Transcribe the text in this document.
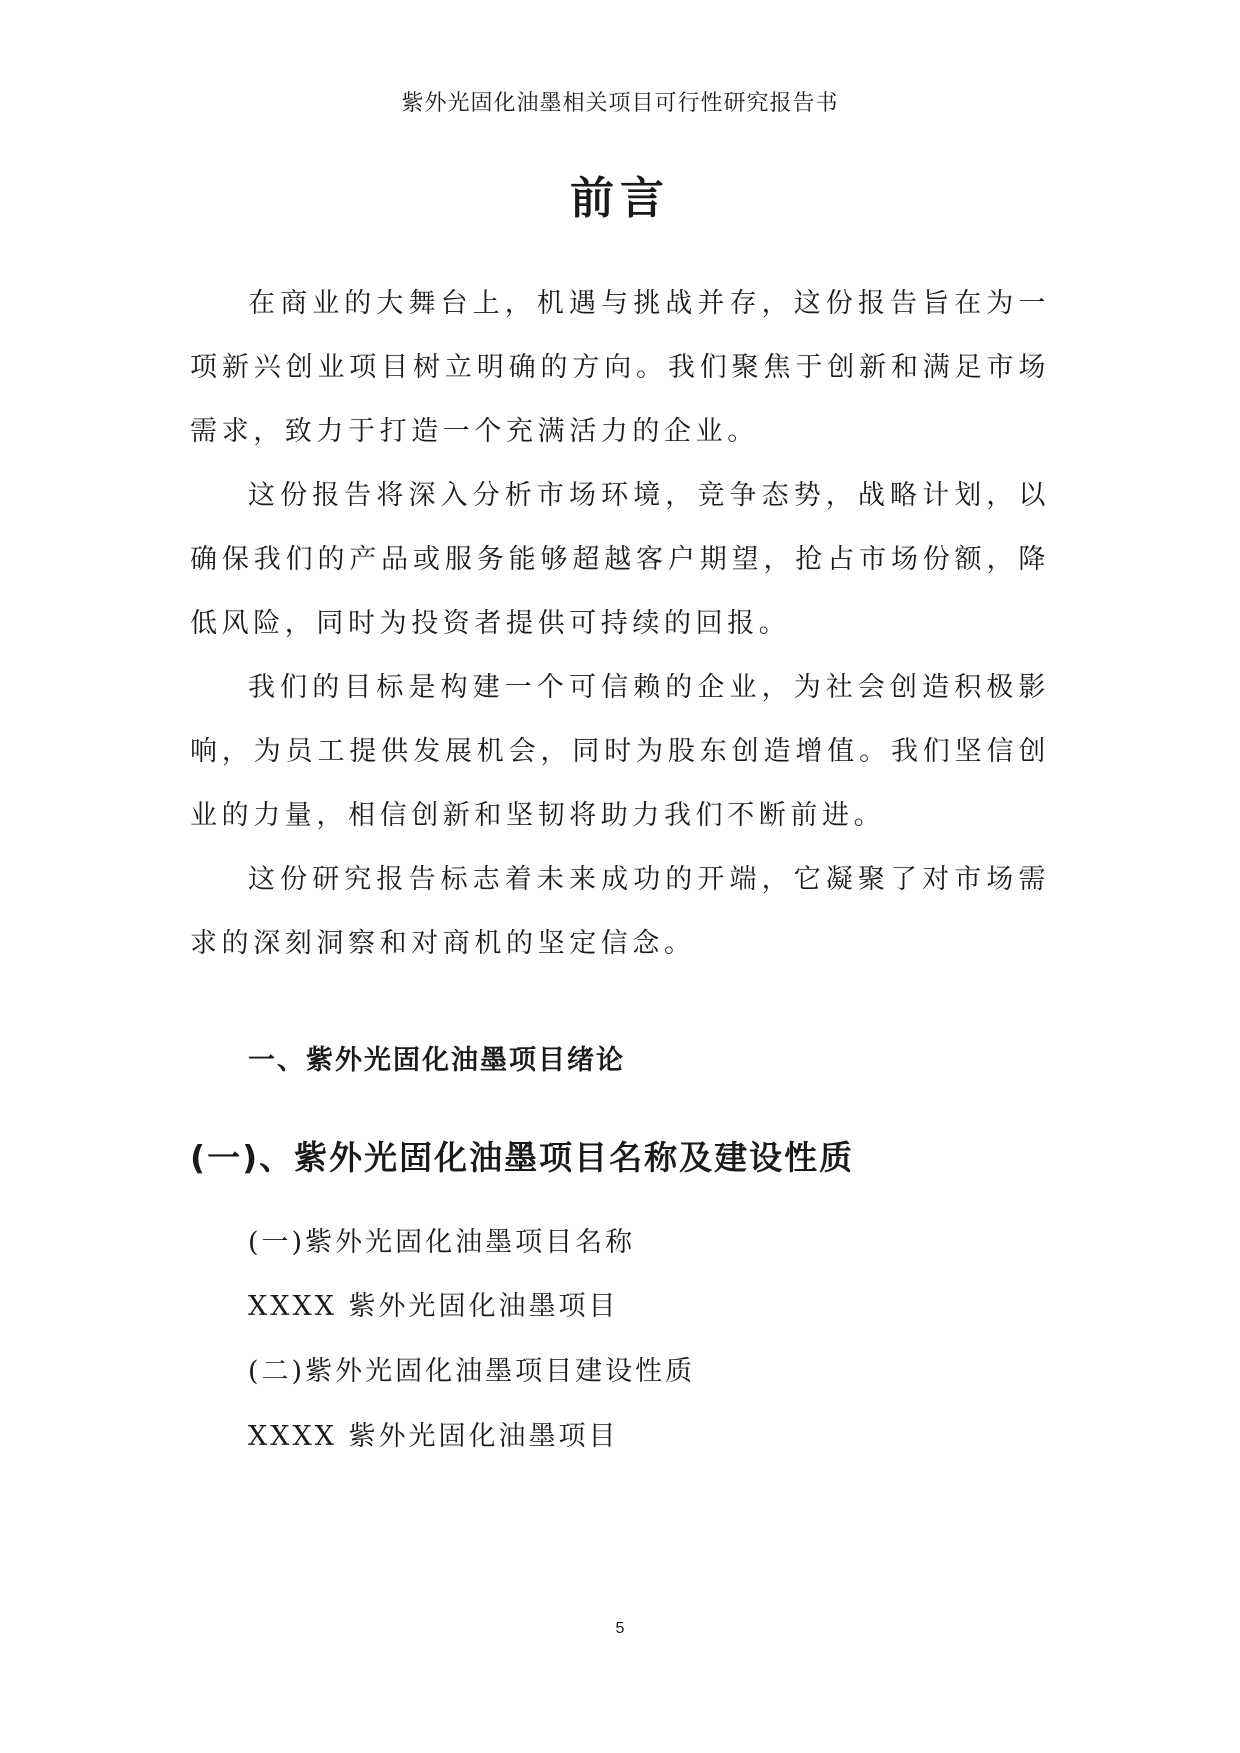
紫外光固化油墨相关项目可行性研究报告书
前言

在商业的大舞台上，机遇与挑战并存，这份报告旨在为一项新兴创业项目树立明确的方向。我们聚焦于创新和满足市场需求，致力于打造一个充满活力的企业。

这份报告将深入分析市场环境，竞争态势，战略计划，以确保我们的产品或服务能够超越客户期望，抢占市场份额，降低风险，同时为投资者提供可持续的回报。

我们的目标是构建一个可信赖的企业，为社会创造积极影响，为员工提供发展机会，同时为股东创造增值。我们坚信创业的力量，相信创新和坚韧将助力我们不断前进。

这份研究报告标志着未来成功的开端，它凝聚了对市场需求的深刻洞察和对商机的坚定信念。

一、紫外光固化油墨项目绪论
(一)、紫外光固化油墨项目名称及建设性质

(一)紫外光固化油墨项目名称

XXXX 紫外光固化油墨项目

(二)紫外光固化油墨项目建设性质

XXXX 紫外光固化油墨项目

5
